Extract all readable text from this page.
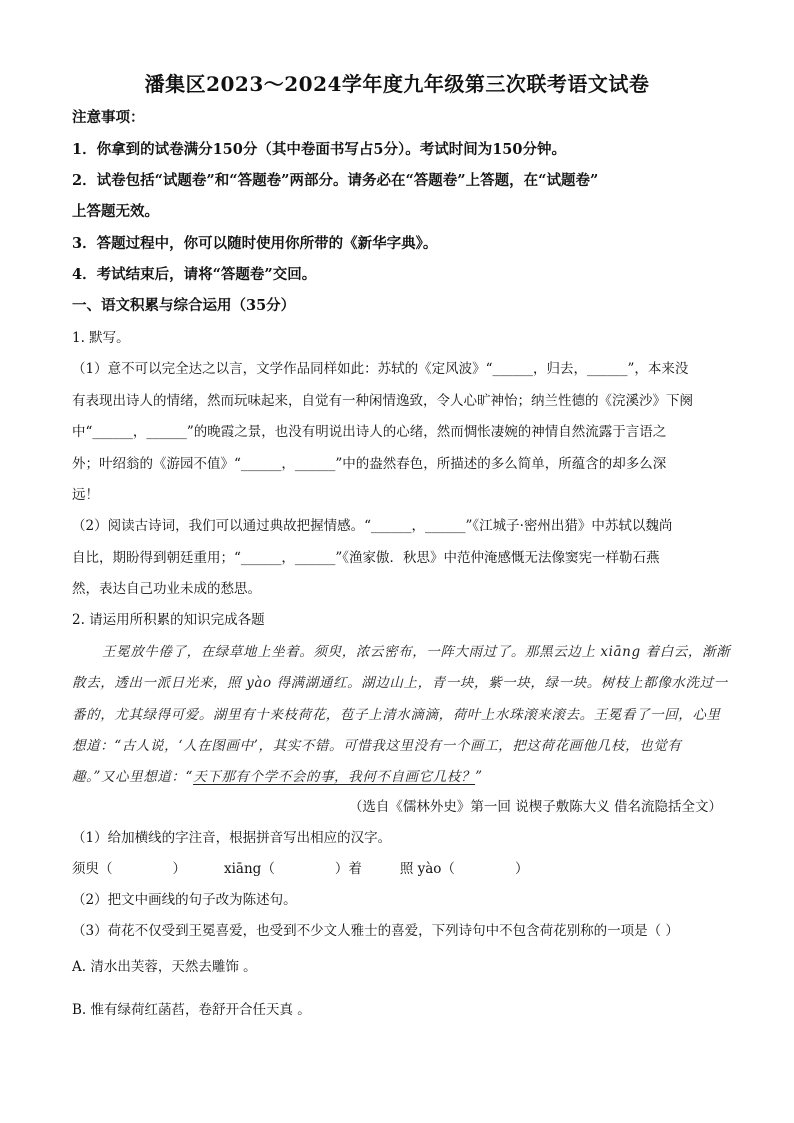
潘集区2023～2024学年度九年级第三次联考语文试卷
注意事项：
1．你拿到的试卷满分150分（其中卷面书写占5分）。考试时间为150分钟。
2．试卷包括“试题卷”和“答题卷”两部分。请务必在“答题卷”上答题，在“试题卷”
上答题无效。
3．答题过程中，你可以随时使用你所带的《新华字典》。
4．考试结束后，请将“答题卷”交回。
一、语文积累与综合运用（35分）
1. 默写。
（1）意不可以完全达之以言，文学作品同样如此：苏轼的《定风波》“______，归去，______”，本来没
有表现出诗人的情绪，然而玩味起来，自觉有一种闲情逸致，令人心旷神怡；纳兰性德的《浣溪沙》下阕
中“______，______”的晚霞之景，也没有明说出诗人的心绪，然而惆怅凄婉的神情自然流露于言语之
外；叶绍翁的《游园不值》“______，______”中的盎然春色，所描述的多么简单，所蕴含的却多么深
远！
（2）阅读古诗词，我们可以通过典故把握情感。“______，______”《江城子·密州出猎》中苏轼以魏尚
自比，期盼得到朝廷重用；“______，______”《渔家傲．秋思》中范仲淹感慨无法像窦宪一样勒石燕
然，表达自己功业未成的愁思。
2. 请运用所积累的知识完成各题
王冕放牛倦了，在绿草地上坐着。须臾，浓云密布，一阵大雨过了。那黑云边上 xiāng 着白云，渐渐
散去，透出一派日光来，照 yào 得满湖通红。湖边山上，青一块，紫一块，绿一块。树枝上都像水洗过一
番的，尤其绿得可爱。湖里有十来枝荷花，苞子上清水滴滴，荷叶上水珠滚来滚去。王冕看了一回，心里
想道：“古人说，‘人在图画中’，其实不错。可惜我这里没有一个画工，把这荷花画他几枝，也觉有
趣。”又心里想道：“天下那有个学不会的事，我何不自画它几枝？”
（选自《儒林外史》第一回 说楔子敷陈大义 借名流隐括全文）
（1）给加横线的字注音，根据拼音写出相应的汉字。
须臾（	）	xiāng（	）着	照 yào（	）
（2）把文中画线的句子改为陈述句。
（3）荷花不仅受到王冕喜爱，也受到不少文人雅士的喜爱，下列诗句中不包含荷花别称的一项是（ ）
A. 清水出芙蓉，天然去雕饰 。
B. 惟有绿荷红菡萏，卷舒开合任天真 。
